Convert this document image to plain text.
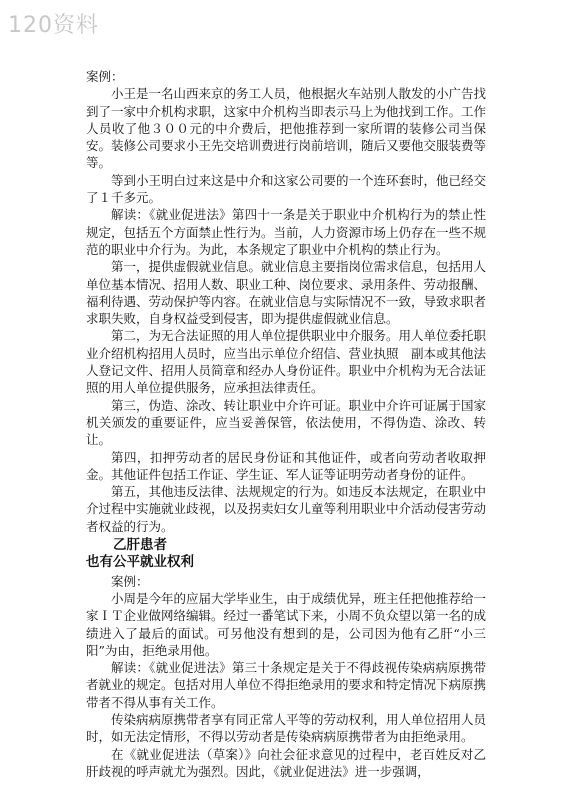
120资料

案例：

小王是一名山西来京的务工人员，他根据火车站别人散发的小广告找到了一家中介机构求职，这家中介机构当即表示马上为他找到工作。工作人员收了他３００元的中介费后，把他推荐到一家所谓的装修公司当保安。装修公司要求小王先交培训费进行岗前培训，随后又要他交服装费等等。

等到小王明白过来这是中介和这家公司要的一个连环套时，他已经交了１千多元。

解读：《就业促进法》第四十一条是关于职业中介机构行为的禁止性规定，包括五个方面禁止性行为。当前，人力资源市场上仍存在一些不规范的职业中介行为。为此，本条规定了职业中介机构的禁止行为。

第一，提供虚假就业信息。就业信息主要指岗位需求信息，包括用人单位基本情况、招用人数、职业工种、岗位要求、录用条件、劳动报酬、福利待遇、劳动保护等内容。在就业信息与实际情况不一致，导致求职者求职失败，自身权益受到侵害，即为提供虚假就业信息。

第二，为无合法证照的用人单位提供职业中介服务。用人单位委托职业介绍机构招用人员时，应当出示单位介绍信、营业执照　副本或其他法人登记文件、招用人员简章和经办人身份证件。职业中介机构为无合法证照的用人单位提供服务，应承担法律责任。

第三，伪造、涂改、转让职业中介许可证。职业中介许可证属于国家机关颁发的重要证件，应当妥善保管，依法使用，不得伪造、涂改、转让。

第四，扣押劳动者的居民身份证和其他证件，或者向劳动者收取押金。其他证件包括工作证、学生证、军人证等证明劳动者身份的证件。

第五，其他违反法律、法规规定的行为。如违反本法规定，在职业中介过程中实施就业歧视，以及拐卖妇女儿童等利用职业中介活动侵害劳动者权益的行为。

乙肝患者

也有公平就业权利

案例：

小周是今年的应届大学毕业生，由于成绩优异，班主任把他推荐给一家ＩＴ企业做网络编辑。经过一番笔试下来，小周不负众望以第一名的成绩进入了最后的面试。可另他没有想到的是，公司因为他有乙肝“小三阳”为由，拒绝录用他。

解读：《就业促进法》第三十条规定是关于不得歧视传染病病原携带者就业的规定。包括对用人单位不得拒绝录用的要求和特定情况下病原携带者不得从事有关工作。

传染病病原携带者享有同正常人平等的劳动权利，用人单位招用人员时，如无法定情形，不得以劳动者是传染病病原携带者为由拒绝录用。

在《就业促进法（草案）》向社会征求意见的过程中，老百姓反对乙肝歧视的呼声就尤为强烈。因此，《就业促进法》进一步强调，
